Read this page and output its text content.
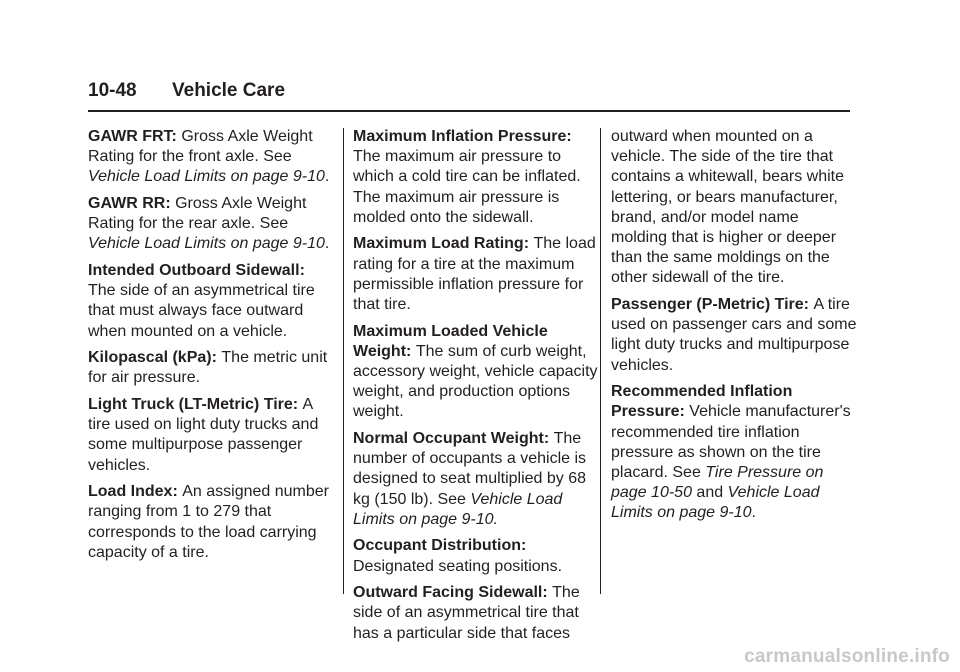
10-48 Vehicle Care

GAWR FRT: Gross Axle Weight Rating for the front axle. See Vehicle Load Limits on page 9-10.

GAWR RR: Gross Axle Weight Rating for the rear axle. See Vehicle Load Limits on page 9-10.

Intended Outboard Sidewall: The side of an asymmetrical tire that must always face outward when mounted on a vehicle.

Kilopascal (kPa): The metric unit for air pressure.

Light Truck (LT-Metric) Tire: A tire used on light duty trucks and some multipurpose passenger vehicles.

Load Index: An assigned number ranging from 1 to 279 that corresponds to the load carrying capacity of a tire.

Maximum Inflation Pressure: The maximum air pressure to which a cold tire can be inflated. The maximum air pressure is molded onto the sidewall.

Maximum Load Rating: The load rating for a tire at the maximum permissible inflation pressure for that tire.

Maximum Loaded Vehicle Weight: The sum of curb weight, accessory weight, vehicle capacity weight, and production options weight.

Normal Occupant Weight: The number of occupants a vehicle is designed to seat multiplied by 68 kg (150 lb). See Vehicle Load Limits on page 9-10.

Occupant Distribution: Designated seating positions.

Outward Facing Sidewall: The side of an asymmetrical tire that has a particular side that faces

outward when mounted on a vehicle. The side of the tire that contains a whitewall, bears white lettering, or bears manufacturer, brand, and/or model name molding that is higher or deeper than the same moldings on the other sidewall of the tire.

Passenger (P-Metric) Tire: A tire used on passenger cars and some light duty trucks and multipurpose vehicles.

Recommended Inflation Pressure: Vehicle manufacturer's recommended tire inflation pressure as shown on the tire placard. See Tire Pressure on page 10-50 and Vehicle Load Limits on page 9-10.

carmanualsonline.info
